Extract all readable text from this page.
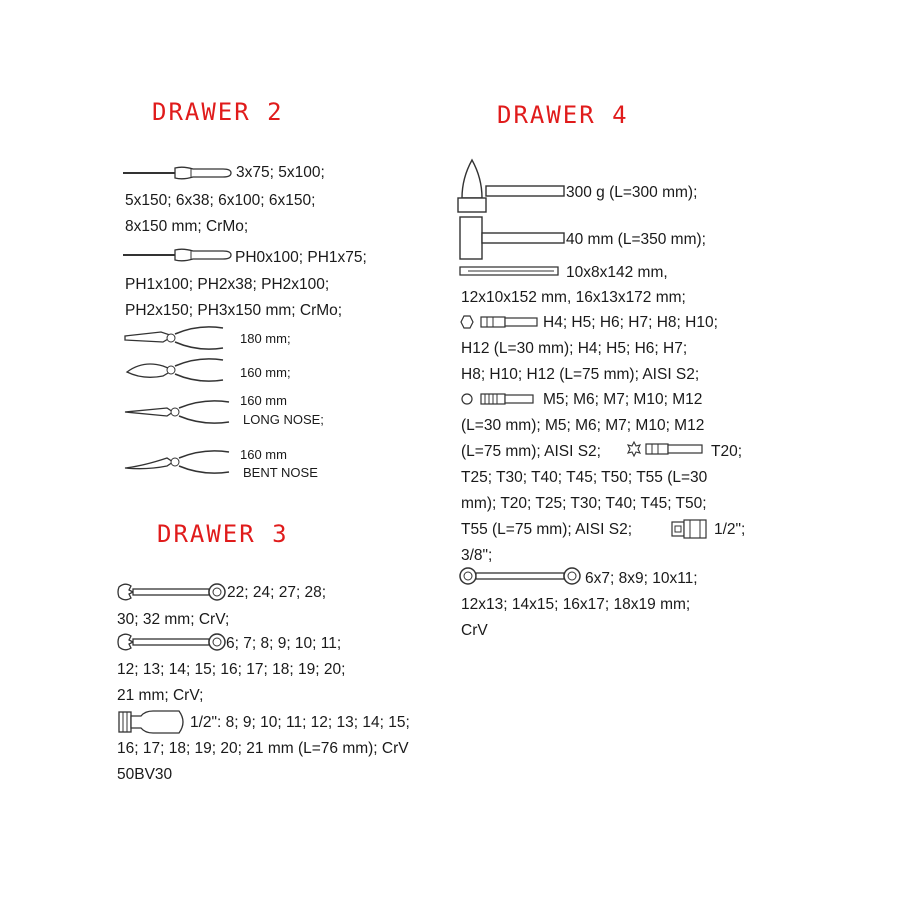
DRAWER 2
3x75; 5x100;
5x150; 6x38; 6x100; 6x150;
8x150 mm; CrMo;
PH0x100; PH1x75;
PH1x100; PH2x38; PH2x100;
PH2x150; PH3x150 mm; CrMo;
180 mm;
160 mm;
160 mm
LONG NOSE;
160 mm
BENT NOSE
DRAWER 3
22; 24; 27; 28;
30; 32 mm; CrV;
6; 7; 8; 9; 10; 11;
12; 13; 14; 15; 16; 17; 18; 19; 20;
21 mm; CrV;
1/2": 8; 9; 10; 11; 12; 13; 14; 15;
16; 17; 18; 19; 20; 21 mm (L=76 mm); CrV
50BV30
DRAWER 4
300 g (L=300 mm);
40 mm (L=350 mm);
10x8x142 mm,
12x10x152 mm, 16x13x172 mm;
H4; H5; H6; H7; H8; H10;
H12 (L=30 mm); H4; H5; H6; H7;
H8; H10; H12 (L=75 mm); AISI S2;
M5; M6; M7; M10; M12
(L=30 mm); M5; M6; M7; M10; M12
(L=75 mm); AISI S2;	T20;
T25; T30; T40; T45; T50; T55 (L=30
mm); T20; T25; T30; T40; T45; T50;
T55 (L=75 mm); AISI S2;	1/2";
3/8";
6x7; 8x9; 10x11;
12x13; 14x15; 16x17; 18x19 mm;
CrV
